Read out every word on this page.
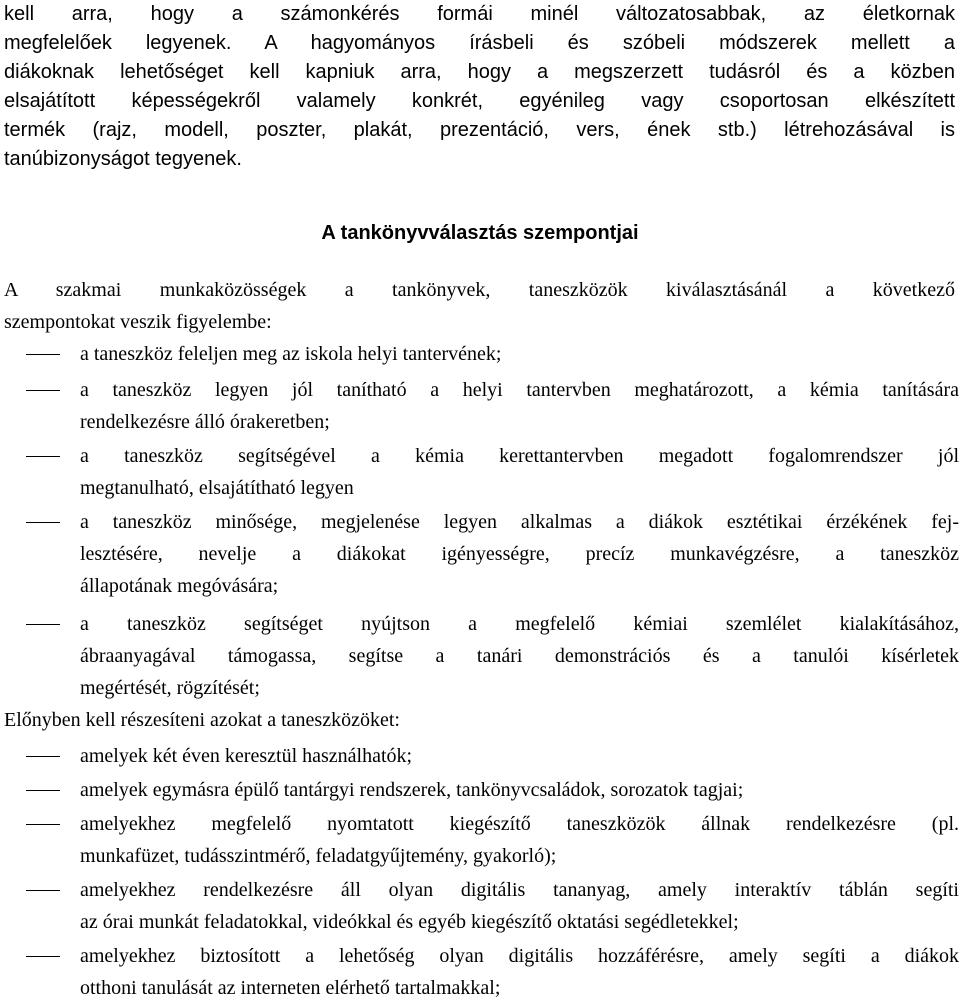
kell arra, hogy a számonkérés formái minél változatosabbak, az életkornak
megfelelőek legyenek. A hagyományos írásbeli és szóbeli módszerek mellett a
diákoknak lehetőséget kell kapniuk arra, hogy a megszerzett tudásról és a közben
elsajátított képességekről valamely konkrét, egyénileg vagy csoportosan elkészített
termék (rajz, modell, poszter, plakát, prezentáció, vers, ének stb.) létrehozásával is
tanúbizonyságot tegyenek.
A tankönyvválasztás szempontjai
A szakmai munkaközösségek a tankönyvek, taneszközök kiválasztásánál a következő
szempontokat veszik figyelembe:
a taneszköz feleljen meg az iskola helyi tantervének;
a taneszköz legyen jól tanítható a helyi tantervben meghatározott, a kémia tanítására
rendelkezésre álló órakeretben;
a taneszköz segítségével a kémia kerettantervben megadott fogalomrendszer jól
megtanulható, elsajátítható legyen
a taneszköz minősége, megjelenése legyen alkalmas a diákok esztétikai érzékének fej-
lesztésére, nevelje a diákokat igényességre, precíz munkavégzésre, a taneszköz
állapotának megóvására;
a taneszköz segítséget nyújtson a megfelelő kémiai szemlélet kialakításához,
ábraanyagával támogassa, segítse a tanári demonstrációs és a tanulói kísérletek
megértését, rögzítését;
Előnyben kell részesíteni azokat a taneszközöket:
amelyek két éven keresztül használhatók;
amelyek egymásra épülő tantárgyi rendszerek, tankönyvcsaládok, sorozatok tagjai;
amelyekhez megfelelő nyomtatott kiegészítő taneszközök állnak rendelkezésre (pl.
munkafüzet, tudásszintmérő, feladatgyűjtemény, gyakorló);
amelyekhez rendelkezésre áll olyan digitális tananyag, amely interaktív táblán segíti
az órai munkát feladatokkal, videókkal és egyéb kiegészítő oktatási segédletekkel;
amelyekhez biztosított a lehetőség olyan digitális hozzáférésre, amely segíti a diákok
otthoni tanulását az interneten elérhető tartalmakkal;
